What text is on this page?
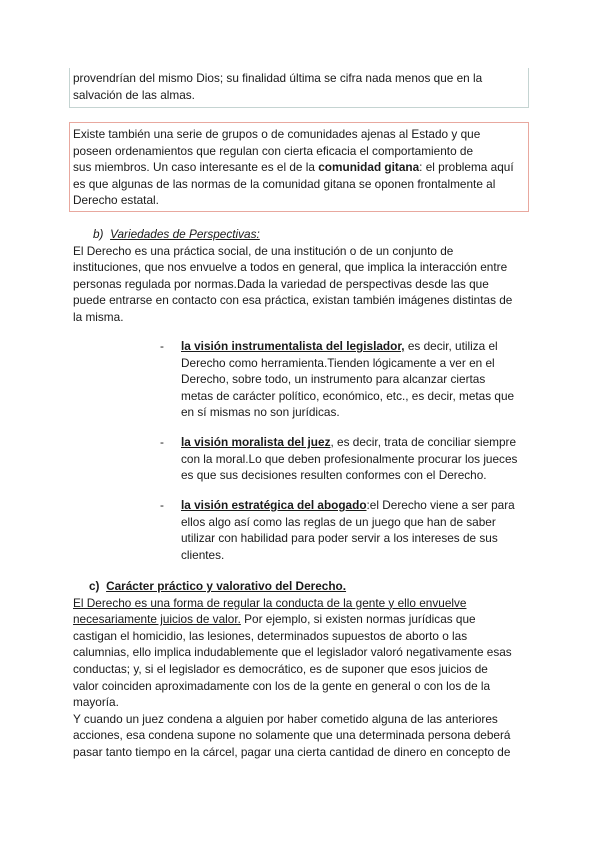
provendrían del mismo Dios; su finalidad última se cifra nada menos que en la
salvación de las almas.
Existe también una serie de grupos o de comunidades ajenas al Estado y que
poseen ordenamientos que regulan con cierta eficacia el comportamiento de
sus miembros. Un caso interesante es el de la comunidad gitana: el problema aquí
es que algunas de las normas de la comunidad gitana se oponen frontalmente al
Derecho estatal.
b) Variedades de Perspectivas:
El Derecho es una práctica social, de una institución o de un conjunto de
instituciones, que nos envuelve a todos en general, que implica la interacción entre
personas regulada por normas.Dada la variedad de perspectivas desde las que
puede entrarse en contacto con esa práctica, existan también imágenes distintas de
la misma.
- la visión instrumentalista del legislador, es decir, utiliza el
Derecho como herramienta.Tienden lógicamente a ver en el
Derecho, sobre todo, un instrumento para alcanzar ciertas
metas de carácter político, económico, etc., es decir, metas que
en sí mismas no son jurídicas.
- la visión moralista del juez, es decir, trata de conciliar siempre
con la moral.Lo que deben profesionalmente procurar los jueces
es que sus decisiones resulten conformes con el Derecho.
- la visión estratégica del abogado:el Derecho viene a ser para
ellos algo así como las reglas de un juego que han de saber
utilizar con habilidad para poder servir a los intereses de sus
clientes.
c) Carácter práctico y valorativo del Derecho.
El Derecho es una forma de regular la conducta de la gente y ello envuelve
necesariamente juicios de valor. Por ejemplo, si existen normas jurídicas que
castigan el homicidio, las lesiones, determinados supuestos de aborto o las
calumnias, ello implica indudablemente que el legislador valoró negativamente esas
conductas; y, si el legislador es democrático, es de suponer que esos juicios de
valor coinciden aproximadamente con los de la gente en general o con los de la
mayoría.
Y cuando un juez condena a alguien por haber cometido alguna de las anteriores
acciones, esa condena supone no solamente que una determinada persona deberá
pasar tanto tiempo en la cárcel, pagar una cierta cantidad de dinero en concepto de
